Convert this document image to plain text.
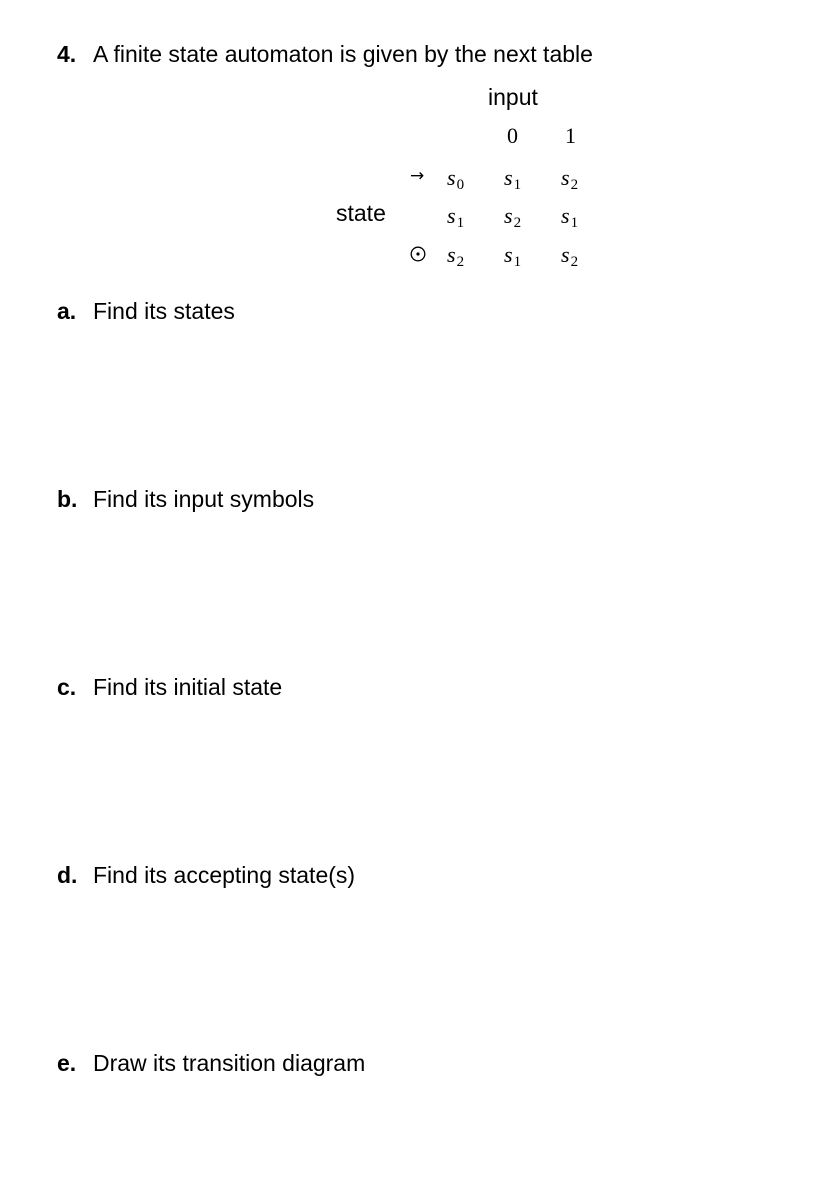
4. A finite state automaton is given by the next table
input
state
0 1
→ $s_0$ $s_1$ $s_2$
$s_1$ $s_2$ $s_1$
$s_2$ $s_1$ $s_2$
a. Find its states
b. Find its input symbols
c. Find its initial state
d. Find its accepting state(s)
e. Draw its transition diagram
